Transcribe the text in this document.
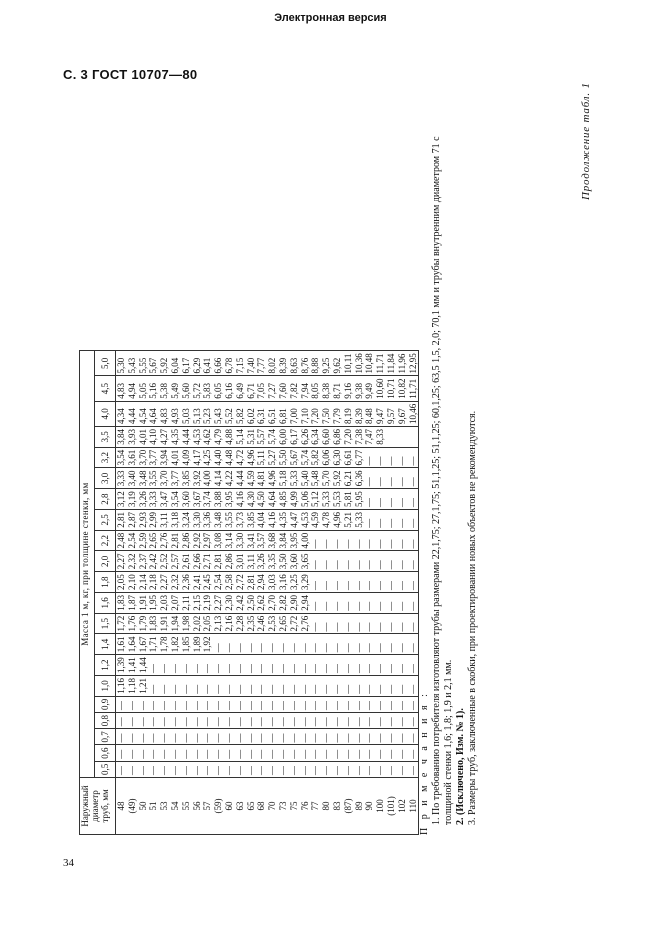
Электронная версия
С. 3 ГОСТ 10707—80
Продолжение табл. 1
Наружный диаметр труб, мм	Масса 1 м, кг, при толщине стенки, мм																				
	0,5	0,6	0,7	0,8	0,9	1,0	1,2	1,4	1,5	1,6	1,8	2,0	2,2	2,5	2,8	3,0	3,2	3,5	4,0	4,5	5,0
48	—	—	—	—	—	1,16	1,39	1,61	1,72	1,83	2,05	2,27	2,48	2,81	3,12	3,33	3,54	3,84	4,34	4,83	5,30
(49)	—	—	—	—	—	1,18	1,41	1,64	1,76	1,87	2,10	2,32	2,54	2,87	3,19	3,40	3,61	3,93	4,44	4,94	5,43
50	—	—	—	—	—	1,21	1,44	1,67	1,79	1,91	2,14	2,37	2,59	2,93	3,26	3,48	3,70	4,01	4,54	5,05	5,55
51	—	—	—	—	—	—	—	1,71	1,83	1,95	2,18	2,42	2,65	2,99	3,33	3,55	3,77	4,10	4,64	5,16	5,67
53	—	—	—	—	—	—	—	1,78	1,91	2,03	2,27	2,52	2,76	3,11	3,47	3,70	3,94	4,27	4,83	5,38	5,92
54	—	—	—	—	—	—	—	1,82	1,94	2,07	2,32	2,57	2,81	3,18	3,54	3,77	4,01	4,35	4,93	5,49	6,04
55	—	—	—	—	—	—	—	1,85	1,98	2,11	2,36	2,61	2,86	3,24	3,60	3,85	4,09	4,44	5,03	5,60	6,17
56	—	—	—	—	—	—	—	1,89	2,02	2,15	2,41	2,66	2,92	3,30	3,67	3,92	4,17	4,53	5,13	5,72	6,29
57	—	—	—	—	—	—	—	1,92	2,05	2,19	2,45	2,71	2,97	3,36	3,74	4,00	4,25	4,62	5,23	5,83	6,41
(59)	—	—	—	—	—	—	—	—	2,13	2,27	2,54	2,81	3,08	3,48	3,88	4,14	4,40	4,79	5,43	6,05	6,66
60	—	—	—	—	—	—	—	—	2,16	2,30	2,58	2,86	3,14	3,55	3,95	4,22	4,48	4,88	5,52	6,16	6,78
63	—	—	—	—	—	—	—	—	2,28	2,42	2,72	3,01	3,30	3,73	4,16	4,44	4,72	5,14	5,82	6,49	7,15
65	—	—	—	—	—	—	—	—	2,35	2,50	2,81	3,11	3,41	3,85	4,30	4,59	4,96	5,31	6,02	6,71	7,40
68	—	—	—	—	—	—	—	—	2,46	2,62	2,94	3,26	3,57	4,04	4,50	4,81	5,11	5,57	6,31	7,05	7,77
70	—	—	—	—	—	—	—	—	2,53	2,70	3,03	3,35	3,68	4,16	4,64	4,96	5,27	5,74	6,51	7,27	8,02
73	—	—	—	—	—	—	—	—	2,65	2,82	3,16	3,50	3,84	4,35	4,85	5,18	5,50	6,00	6,81	7,60	8,39
75	—	—	—	—	—	—	—	—	2,72	2,90	3,25	3,60	3,95	4,47	4,99	5,33	5,67	6,17	7,00	7,82	8,63
76	—	—	—	—	—	—	—	—	2,76	2,94	3,29	3,65	4,00	4,53	5,06	5,40	5,74	6,26	7,10	7,94	8,76
77	—	—	—	—	—	—	—	—	—	—	—	—	—	4,59	5,12	5,48	5,82	6,34	7,20	8,05	8,88
80	—	—	—	—	—	—	—	—	—	—	—	—	—	4,78	5,33	5,70	6,06	6,60	7,50	8,38	9,25
83	—	—	—	—	—	—	—	—	—	—	—	—	—	4,96	5,53	5,92	6,30	6,86	7,79	8,71	9,62
(87)	—	—	—	—	—	—	—	—	—	—	—	—	—	5,21	5,81	6,21	6,61	7,20	8,19	9,16	10,11
89	—	—	—	—	—	—	—	—	—	—	—	—	—	5,33	5,95	6,36	6,77	7,38	8,39	9,38	10,36
90	—	—	—	—	—	—	—	—	—	—	—	—	—	—	—	—	—	7,47	8,48	9,49	10,48
100	—	—	—	—	—	—	—	—	—	—	—	—	—	—	—	—	—	8,33	9,47	10,60	11,71
(101)	—	—	—	—	—	—	—	—	—	—	—	—	—	—	—	—	—		9,57	10,71	11,84
102	—	—	—	—	—	—	—	—	—	—	—	—	—	—	—	—	—		9,67	10,82	11,96
110	—	—	—	—	—	—	—	—	—	—	—	—	—	—	—	—	—		10,46	11,71	12,95

П р и м е ч а н и я : 1. По требованию потребителя изготовляют трубы размерами 22,1,75; 27,1,75; 51,1,25; 51,1,25; 60,1,25; 63,5 1,5, 2,0; 70,1 мм и трубы внутренним диаметром 71 с толщиной стенки 1,6; 1,8; 1,9 и 2,1 мм. 2. (Исключено, Изм. № 1). 3. Размеры труб, заключенные в скобки, при проектировании новых объектов не рекомендуются.

34
